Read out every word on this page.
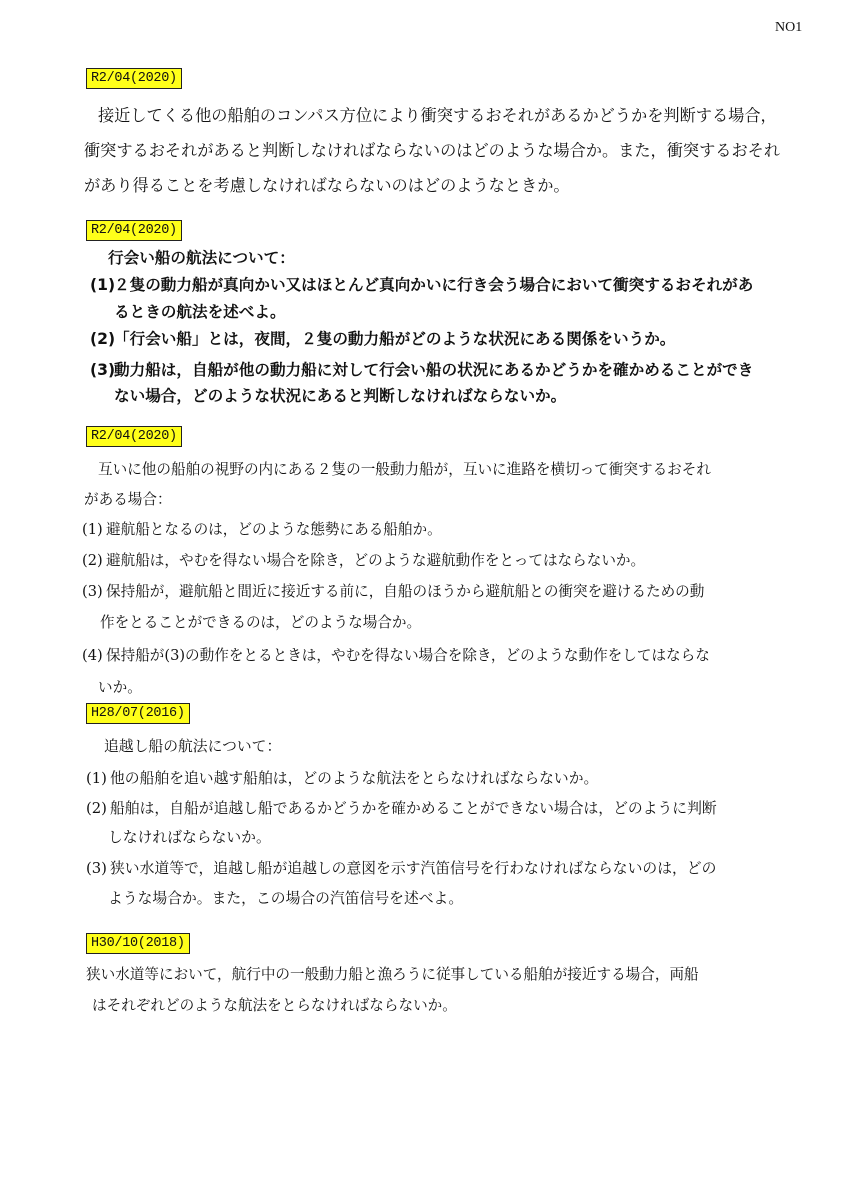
NO1
R2/04(2020)
接近してくる他の船舶のコンパス方位により衝突するおそれがあるかどうかを判断する場合，
衝突するおそれがあると判断しなければならないのはどのような場合か。また，衝突するおそれ
があり得ることを考慮しなければならないのはどのようなときか。
R2/04(2020)
行会い船の航法について：
(1)２隻の動力船が真向かい又はほとんど真向かいに行き会う場合において衝突するおそれがあ
るときの航法を述べよ。
(2)「行会い船」とは，夜間，２隻の動力船がどのような状況にある関係をいうか。
(3)動力船は，自船が他の動力船に対して行会い船の状況にあるかどうかを確かめることができ
ない場合，どのような状況にあると判断しなければならないか。
R2/04(2020)
互いに他の船舶の視野の内にある２隻の一般動力船が，互いに進路を横切って衝突するおそれ
がある場合：
(1) 避航船となるのは，どのような態勢にある船舶か。
(2) 避航船は，やむを得ない場合を除き，どのような避航動作をとってはならないか。
(3) 保持船が，避航船と間近に接近する前に，自船のほうから避航船との衝突を避けるための動
作をとることができるのは，どのような場合か。
(4) 保持船が(3)の動作をとるときは，やむを得ない場合を除き，どのような動作をしてはならな
いか。
H28/07(2016)
追越し船の航法について：
(1) 他の船舶を追い越す船舶は，どのような航法をとらなければならないか。
(2) 船舶は，自船が追越し船であるかどうかを確かめることができない場合は，どのように判断
しなければならないか。
(3) 狭い水道等で，追越し船が追越しの意図を示す汽笛信号を行わなければならないのは，どの
ような場合か。また，この場合の汽笛信号を述べよ。
H30/10(2018)
狭い水道等において，航行中の一般動力船と漁ろうに従事している船舶が接近する場合，両船
はそれぞれどのような航法をとらなければならないか。
